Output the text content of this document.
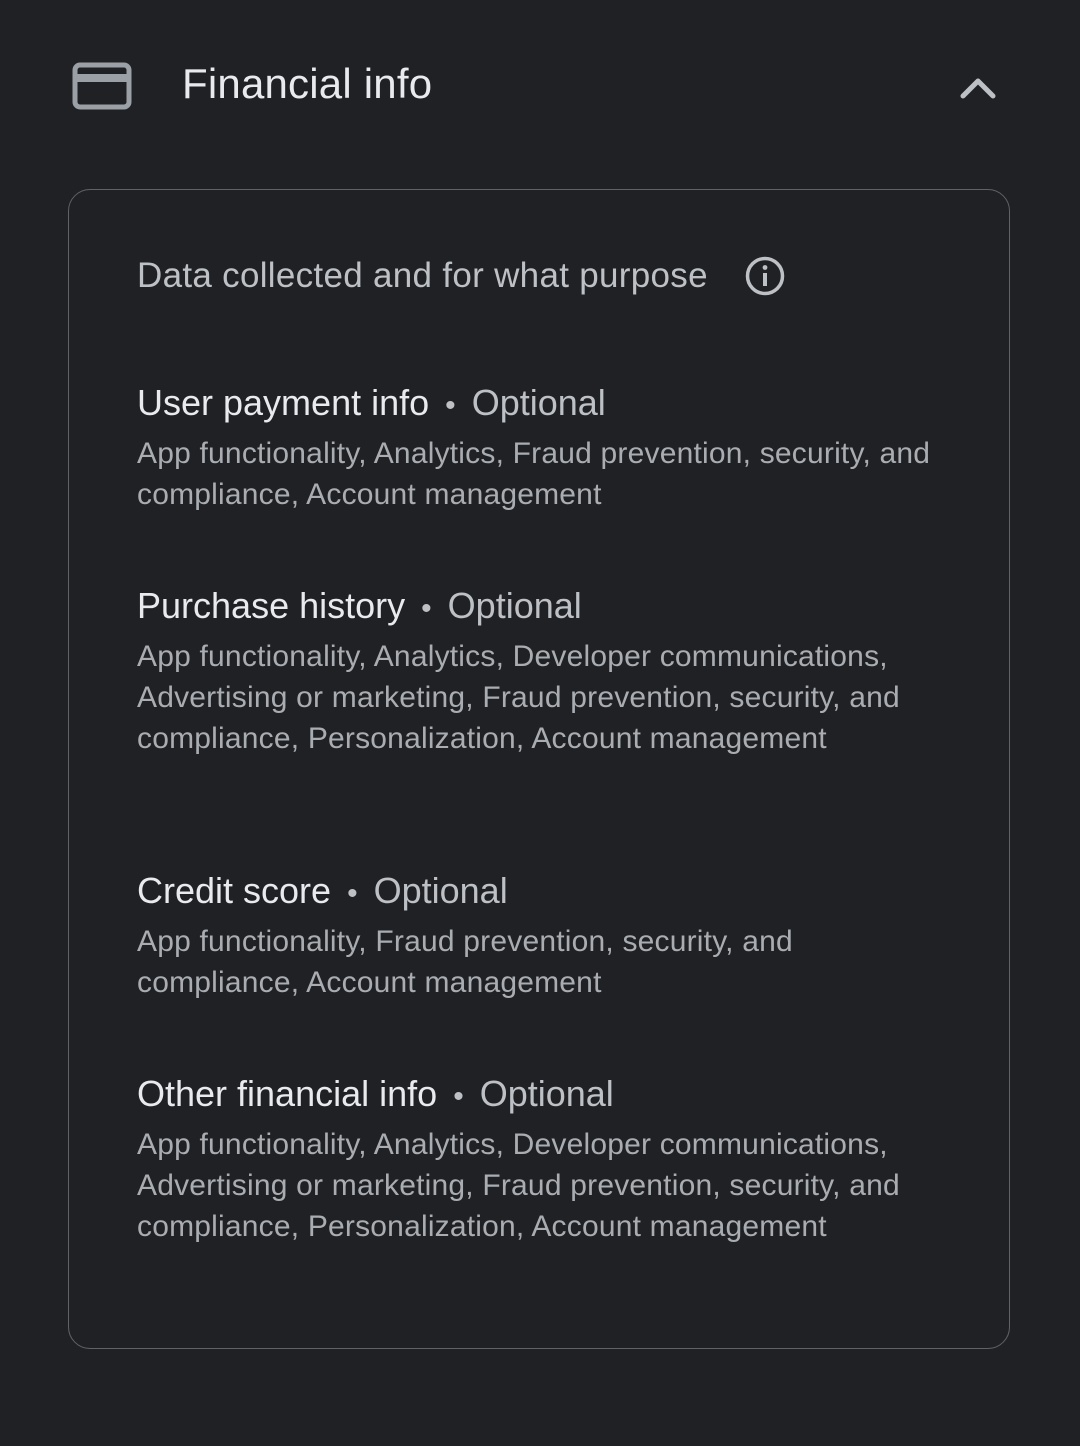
Financial info
Data collected and for what purpose
User payment info • Optional
App functionality, Analytics, Fraud prevention, security, and compliance, Account management
Purchase history • Optional
App functionality, Analytics, Developer communications, Advertising or marketing, Fraud prevention, security, and compliance, Personalization, Account management
Credit score • Optional
App functionality, Fraud prevention, security, and compliance, Account management
Other financial info • Optional
App functionality, Analytics, Developer communications, Advertising or marketing, Fraud prevention, security, and compliance, Personalization, Account management
